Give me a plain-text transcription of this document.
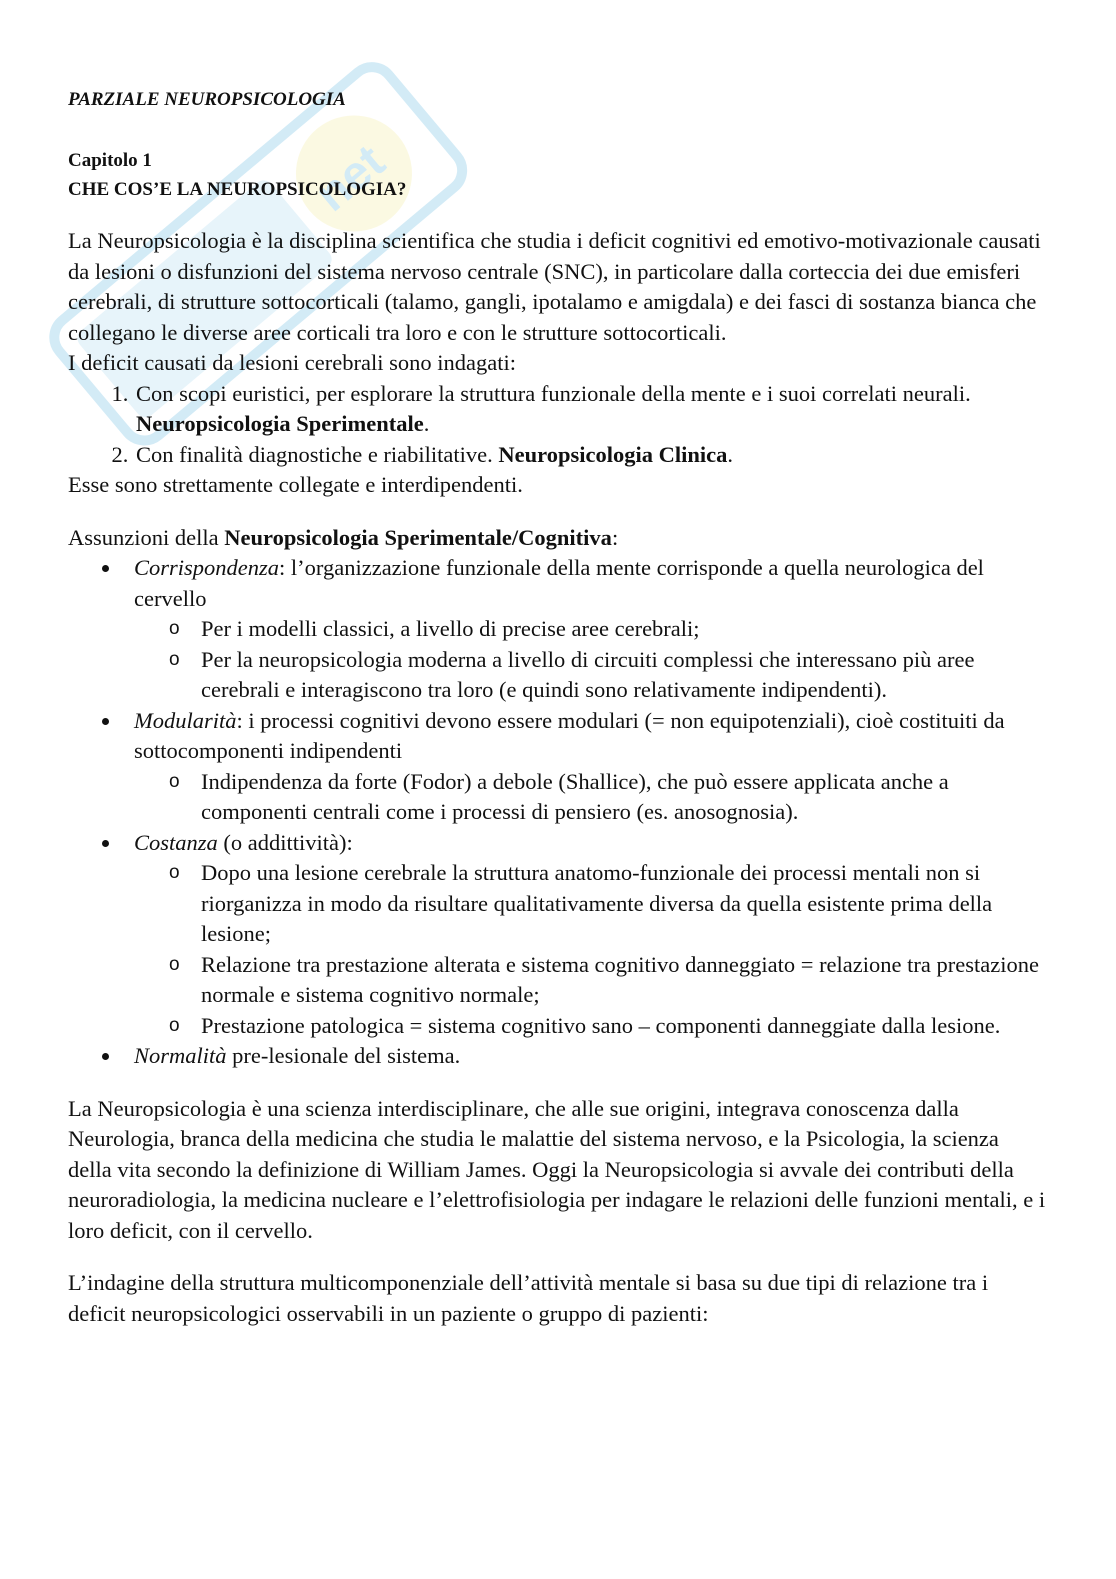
net

PARZIALE NEUROPSICOLOGIA

Capitolo 1

CHE COS’E LA NEUROPSICOLOGIA?

La Neuropsicologia è la disciplina scientifica che studia i deficit cognitivi ed emotivo-motivazionale causati da lesioni o disfunzioni del sistema nervoso centrale (SNC), in particolare dalla corteccia dei due emisferi cerebrali, di strutture sottocorticali (talamo, gangli, ipotalamo e amigdala) e dei fasci di sostanza bianca che collegano le diverse aree corticali tra loro e con le strutture sottocorticali.

I deficit causati da lesioni cerebrali sono indagati:

1. Con scopi euristici, per esplorare la struttura funzionale della mente e i suoi correlati neurali. Neuropsicologia Sperimentale.
2. Con finalità diagnostiche e riabilitative. Neuropsicologia Clinica.

Esse sono strettamente collegate e interdipendenti.

Assunzioni della Neuropsicologia Sperimentale/Cognitiva:

Corrispondenza: l’organizzazione funzionale della mente corrisponde a quella neurologica del cervello
o Per i modelli classici, a livello di precise aree cerebrali;
o Per la neuropsicologia moderna a livello di circuiti complessi che interessano più aree cerebrali e interagiscono tra loro (e quindi sono relativamente indipendenti).
Modularità: i processi cognitivi devono essere modulari (= non equipotenziali), cioè costituiti da sottocomponenti indipendenti
o Indipendenza da forte (Fodor) a debole (Shallice), che può essere applicata anche a componenti centrali come i processi di pensiero (es. anosognosia).
Costanza (o addittività):
o Dopo una lesione cerebrale la struttura anatomo-funzionale dei processi mentali non si riorganizza in modo da risultare qualitativamente diversa da quella esistente prima della lesione;
o Relazione tra prestazione alterata e sistema cognitivo danneggiato = relazione tra prestazione normale e sistema cognitivo normale;
o Prestazione patologica = sistema cognitivo sano – componenti danneggiate dalla lesione.
Normalità pre-lesionale del sistema.

La Neuropsicologia è una scienza interdisciplinare, che alle sue origini, integrava conoscenza dalla Neurologia, branca della medicina che studia le malattie del sistema nervoso, e la Psicologia, la scienza della vita secondo la definizione di William James. Oggi la Neuropsicologia si avvale dei contributi della neuroradiologia, la medicina nucleare e l’elettrofisiologia per indagare le relazioni delle funzioni mentali, e i loro deficit, con il cervello.

L’indagine della struttura multicomponenziale dell’attività mentale si basa su due tipi di relazione tra i deficit neuropsicologici osservabili in un paziente o gruppo di pazienti:
